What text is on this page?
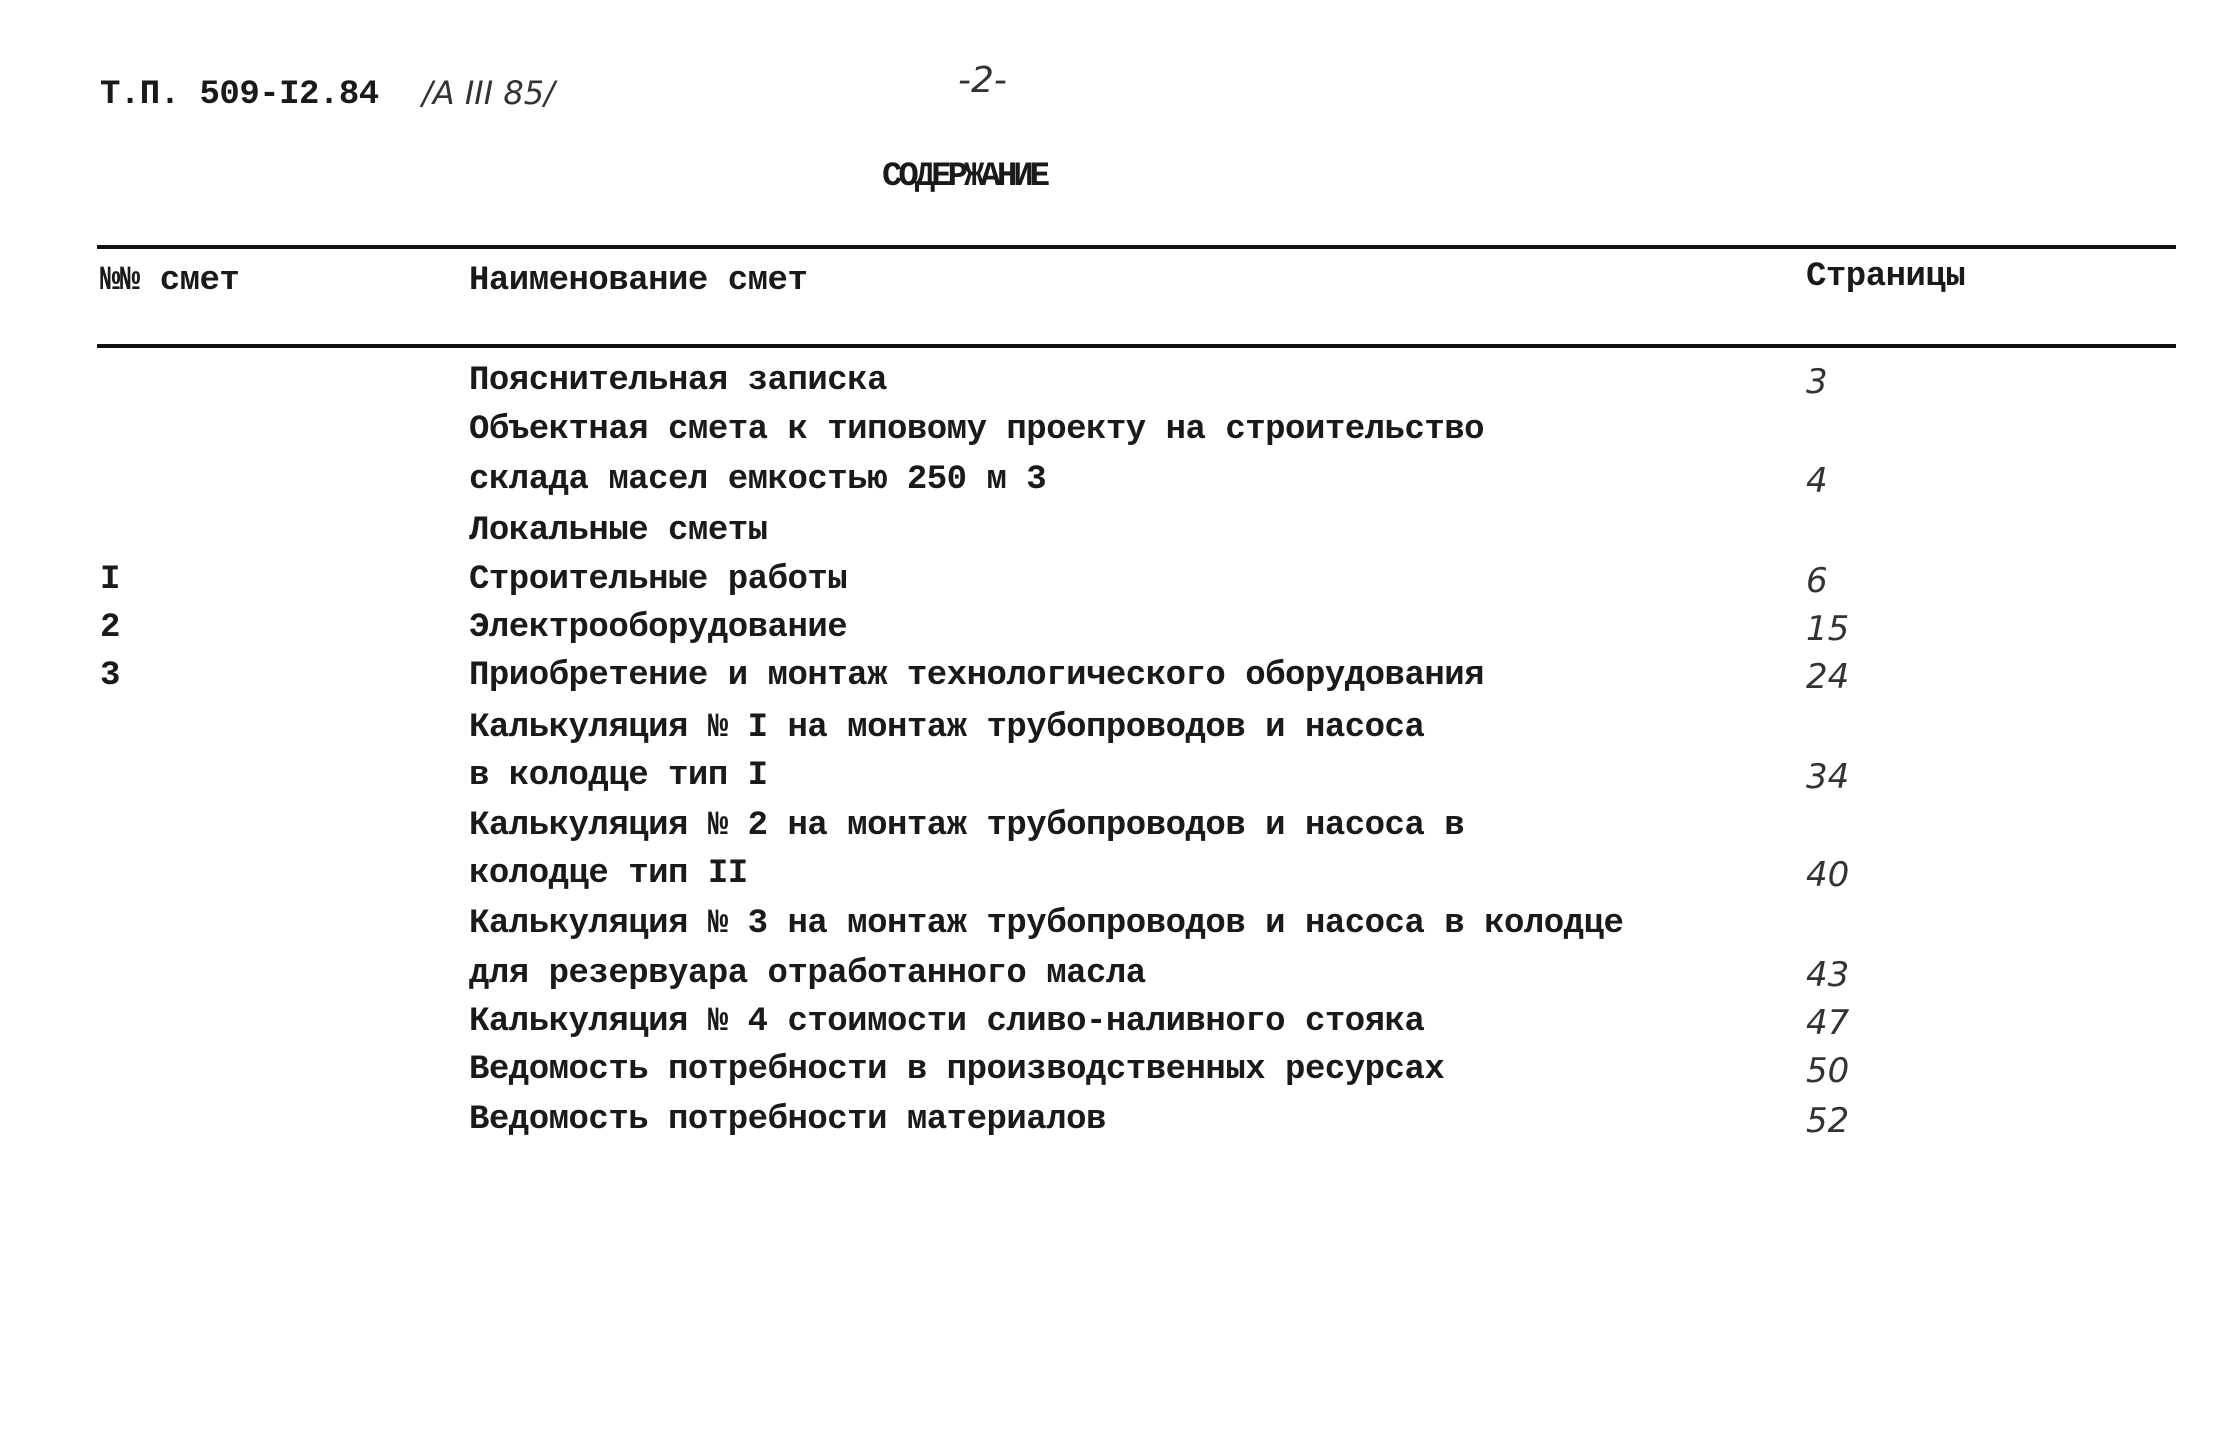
Т.П. 509-I2.84 /А III 85/	-2-
СОДЕРЖАНИЕ
№№ смет	Наименование смет	Страницы
Пояснительная записка	3
Объектная смета к типовому проекту на строительство
склада масел емкостью 250 м 3	4
Локальные сметы
I	Строительные работы	6
2	Электрооборудование	15
3	Приобретение и монтаж технологического оборудования	24
Калькуляция № I на монтаж трубопроводов и насоса
в колодце тип I	34
Калькуляция № 2 на монтаж трубопроводов и насоса в
колодце тип II	40
Калькуляция № 3 на монтаж трубопроводов и насоса в колодце
для резервуара отработанного масла	43
Калькуляция № 4 стоимости сливо-наливного стояка	47
Ведомость потребности в производственных ресурсах	50
Ведомость потребности материалов	52
